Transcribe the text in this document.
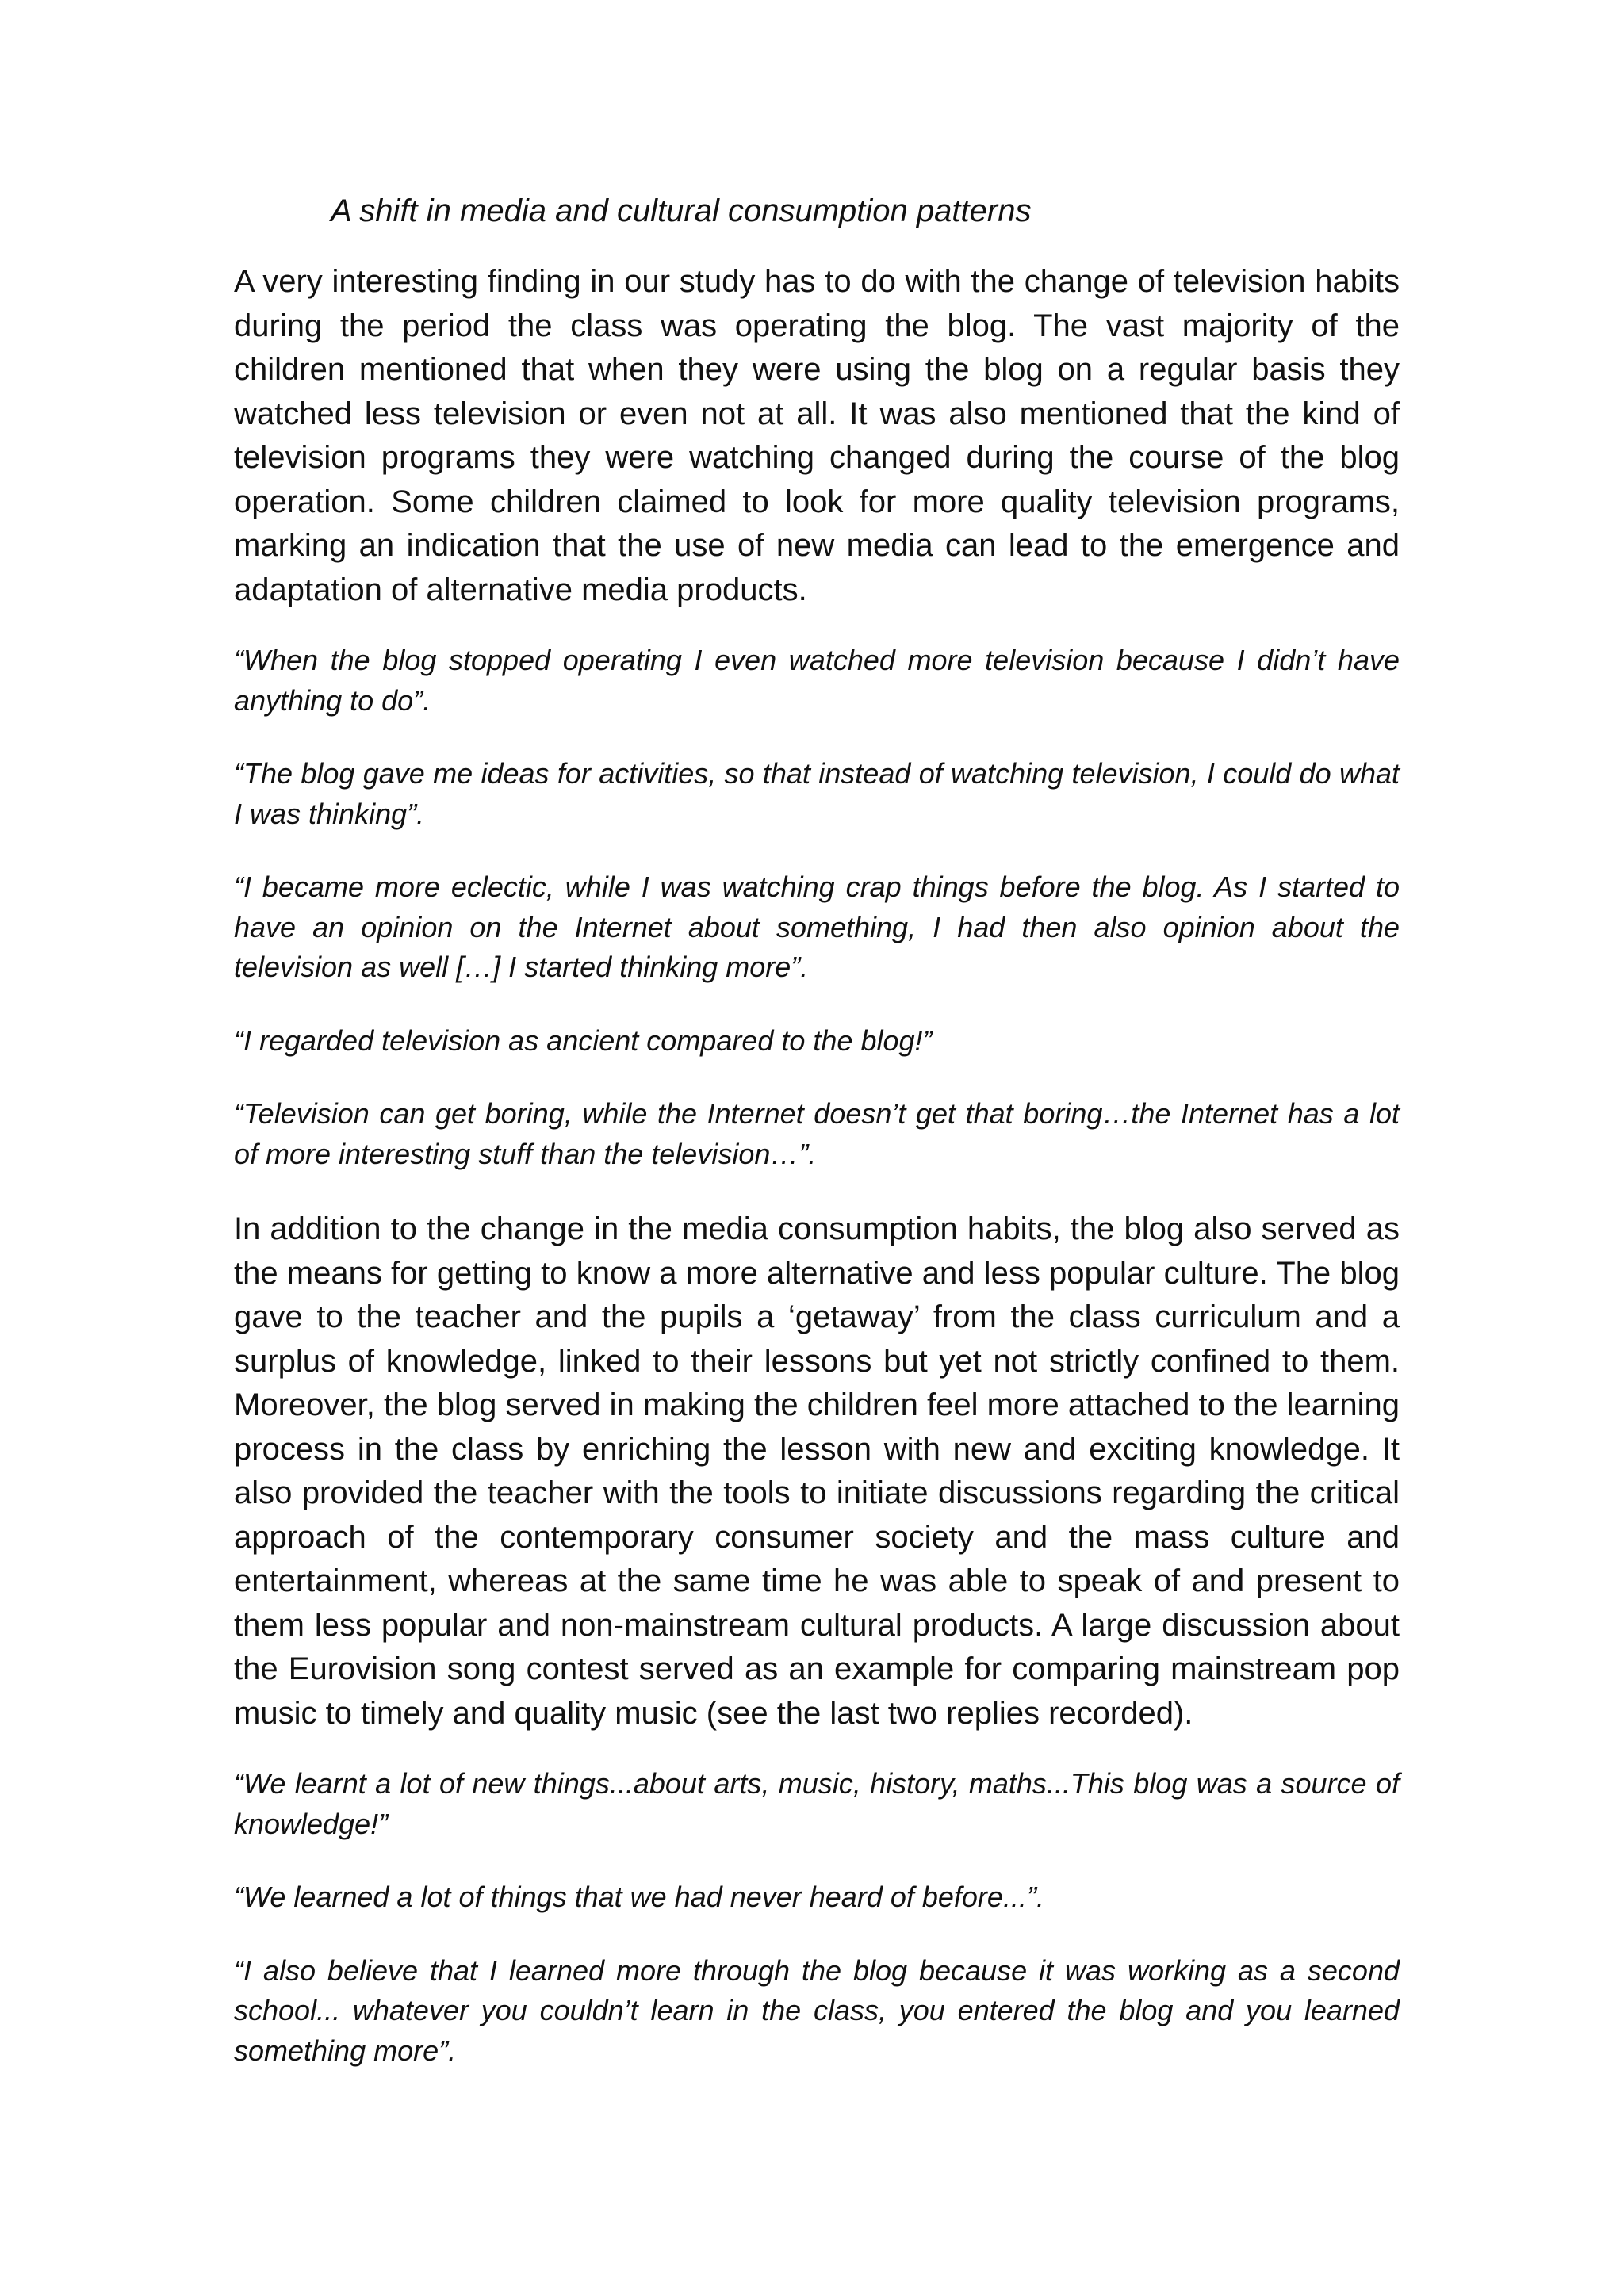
A shift in media and cultural consumption patterns

A very interesting finding in our study has to do with the change of television habits during the period the class was operating the blog. The vast majority of the children mentioned that when they were using the blog on a regular basis they watched less television or even not at all. It was also mentioned that the kind of television programs they were watching changed during the course of the blog operation. Some children claimed to look for more quality television programs, marking an indication that the use of new media can lead to the emergence and adaptation of alternative media products.

“When the blog stopped operating I even watched more television because I didn’t have anything to do”.

“The blog gave me ideas for activities, so that instead of watching television, I could do what I was thinking”.

“I became more eclectic, while I was watching crap things before the blog. As I started to have an opinion on the Internet about something, I had then also opinion about the television as well […] I started thinking more”.

“I regarded television as ancient compared to the blog!”

“Television can get boring, while the Internet doesn’t get that boring…the Internet has a lot of more interesting stuff than the television…”.

In addition to the change in the media consumption habits, the blog also served as the means for getting to know a more alternative and less popular culture. The blog gave to the teacher and the pupils a ‘getaway’ from the class curriculum and a surplus of knowledge, linked to their lessons but yet not strictly confined to them. Moreover, the blog served in making the children feel more attached to the learning process in the class by enriching the lesson with new and exciting knowledge. It also provided the teacher with the tools to initiate discussions regarding the critical approach of the contemporary consumer society and the mass culture and entertainment, whereas at the same time he was able to speak of and present to them less popular and non-mainstream cultural products. A large discussion about the Eurovision song contest served as an example for comparing mainstream pop music to timely and quality music (see the last two replies recorded).

“We learnt a lot of new things...about arts, music, history, maths...This blog was a source of knowledge!”

“We learned a lot of things that we had never heard of before...”.

“I also believe that I learned more through the blog because it was working as a second school... whatever you couldn’t learn in the class, you entered the blog and you learned something more”.
